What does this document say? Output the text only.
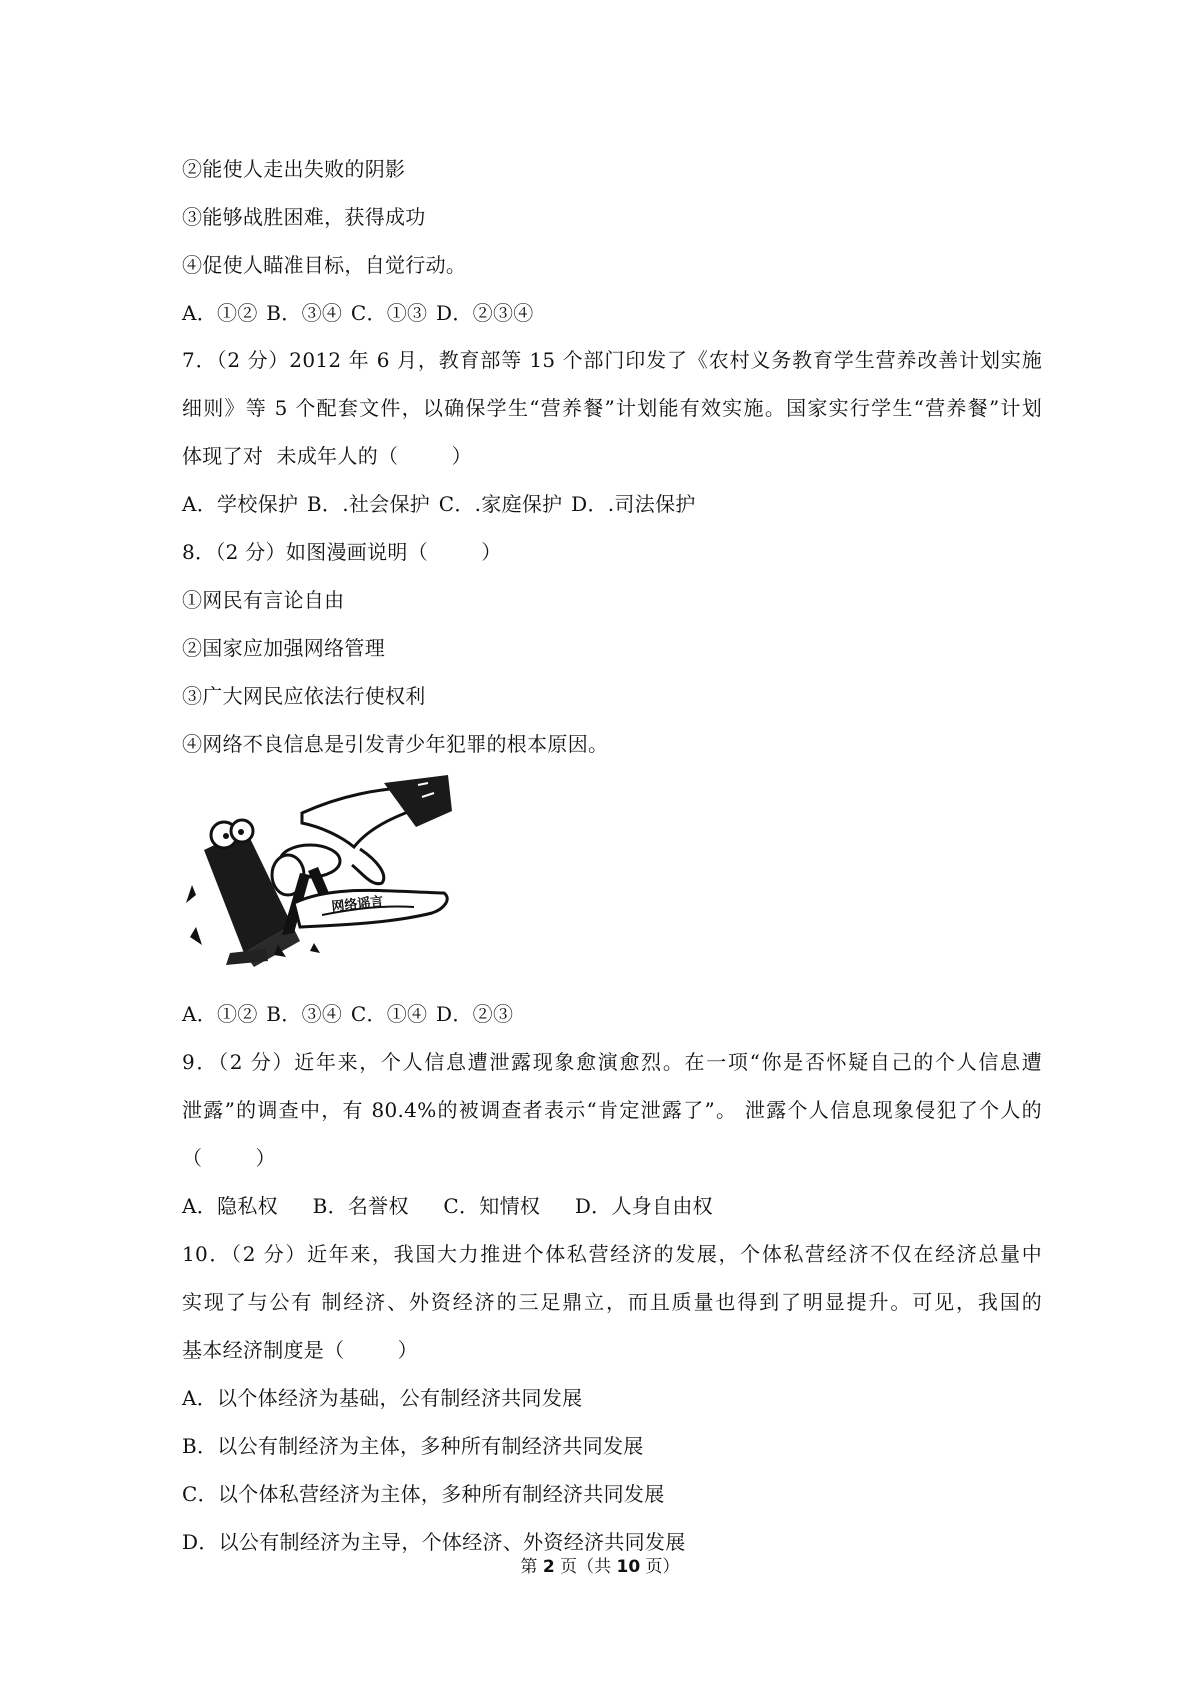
②能使人走出失败的阴影
③能够战胜困难，获得成功
④促使人瞄准目标，自觉行动。
A．①② B．③④ C．①③ D．②③④
7．（2 分）2012 年 6 月，教育部等 15 个部门印发了《农村义务教育学生营养改善计划实施
细则》等 5 个配套文件，以确保学生“营养餐”计划能有效实施。国家实行学生“营养餐”计划
体现了对  未成年人的（        ）
A．学校保护 B．.社会保护 C．.家庭保护 D．.司法保护
8．（2 分）如图漫画说明（        ）
①网民有言论自由
②国家应加强网络管理
③广大网民应依法行使权利
④网络不良信息是引发青少年犯罪的根本原因。
网络谣言
A．①② B．③④ C．①④ D．②③
9．（2 分）近年来，个人信息遭泄露现象愈演愈烈。在一项“你是否怀疑自己的个人信息遭
泄露”的调查中，有 80.4%的被调查者表示“肯定泄露了”。 泄露个人信息现象侵犯了个人的
（        ）
A．隐私权    B．名誉权    C．知情权    D．人身自由权
10．（2 分）近年来，我国大力推进个体私营经济的发展，个体私营经济不仅在经济总量中
实现了与公有 制经济、外资经济的三足鼎立，而且质量也得到了明显提升。可见，我国的
基本经济制度是（        ）
A．以个体经济为基础，公有制经济共同发展
B．以公有制经济为主体，多种所有制经济共同发展
C．以个体私营经济为主体，多种所有制经济共同发展
D．以公有制经济为主导，个体经济、外资经济共同发展
第 2 页（共 10 页）
